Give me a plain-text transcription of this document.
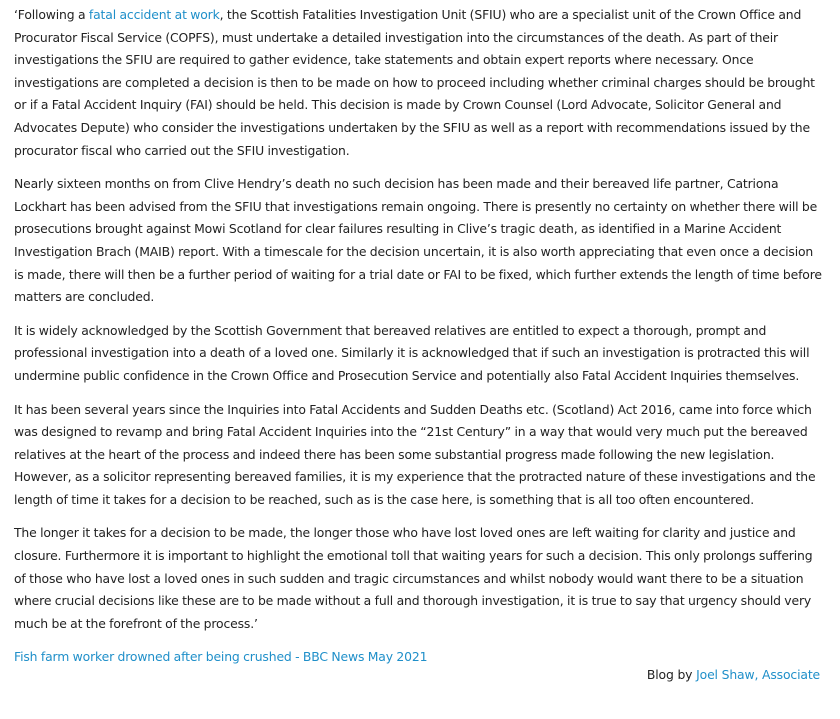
‘Following a fatal accident at work, the Scottish Fatalities Investigation Unit (SFIU) who are a specialist unit of the Crown Office and Procurator Fiscal Service (COPFS), must undertake a detailed investigation into the circumstances of the death. As part of their investigations the SFIU are required to gather evidence, take statements and obtain expert reports where necessary. Once investigations are completed a decision is then to be made on how to proceed including whether criminal charges should be brought or if a Fatal Accident Inquiry (FAI) should be held. This decision is made by Crown Counsel (Lord Advocate, Solicitor General and Advocates Depute) who consider the investigations undertaken by the SFIU as well as a report with recommendations issued by the procurator fiscal who carried out the SFIU investigation.

Nearly sixteen months on from Clive Hendry’s death no such decision has been made and their bereaved life partner, Catriona Lockhart has been advised from the SFIU that investigations remain ongoing. There is presently no certainty on whether there will be prosecutions brought against Mowi Scotland for clear failures resulting in Clive’s tragic death, as identified in a Marine Accident Investigation Brach (MAIB) report. With a timescale for the decision uncertain, it is also worth appreciating that even once a decision is made, there will then be a further period of waiting for a trial date or FAI to be fixed, which further extends the length of time before matters are concluded.

It is widely acknowledged by the Scottish Government that bereaved relatives are entitled to expect a thorough, prompt and professional investigation into a death of a loved one. Similarly it is acknowledged that if such an investigation is protracted this will undermine public confidence in the Crown Office and Prosecution Service and potentially also Fatal Accident Inquiries themselves.

It has been several years since the Inquiries into Fatal Accidents and Sudden Deaths etc. (Scotland) Act 2016, came into force which was designed to revamp and bring Fatal Accident Inquiries into the “21st Century” in a way that would very much put the bereaved relatives at the heart of the process and indeed there has been some substantial progress made following the new legislation. However, as a solicitor representing bereaved families, it is my experience that the protracted nature of these investigations and the length of time it takes for a decision to be reached, such as is the case here, is something that is all too often encountered.

The longer it takes for a decision to be made, the longer those who have lost loved ones are left waiting for clarity and justice and closure. Furthermore it is important to highlight the emotional toll that waiting years for such a decision. This only prolongs suffering of those who have lost a loved ones in such sudden and tragic circumstances and whilst nobody would want there to be a situation where crucial decisions like these are to be made without a full and thorough investigation, it is true to say that urgency should very much be at the forefront of the process.’

Fish farm worker drowned after being crushed - BBC News May 2021

Blog by Joel Shaw, Associate
